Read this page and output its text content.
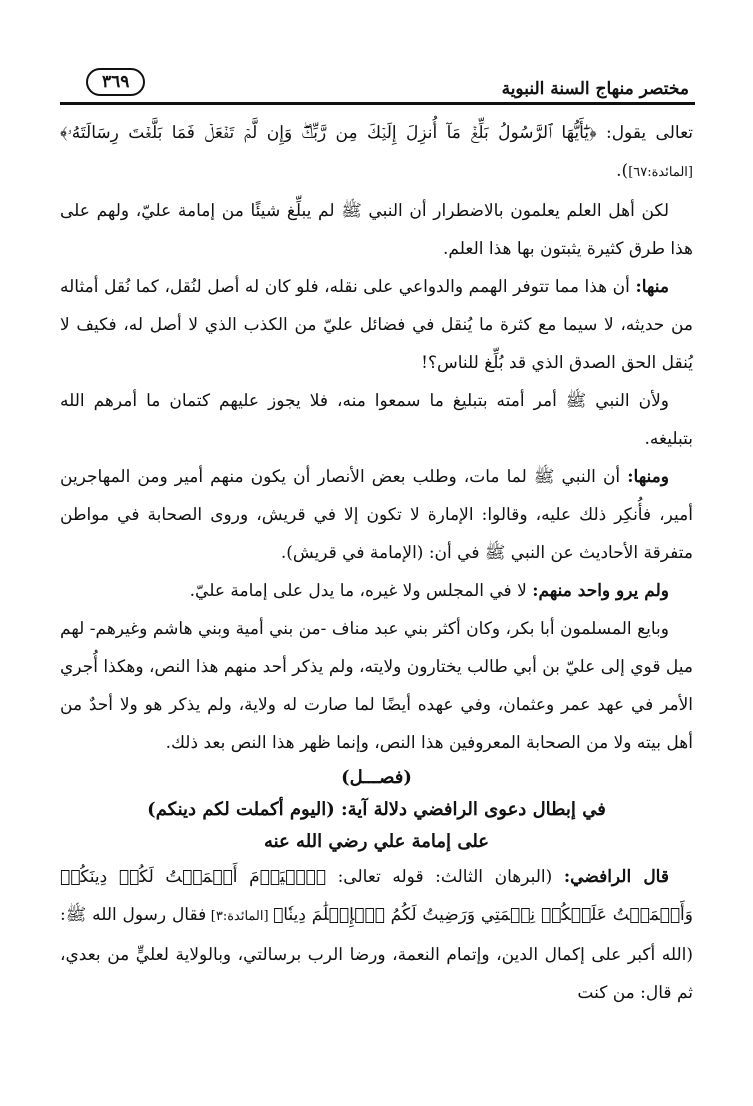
٣٦٩	مختصر منهاج السنة النبوية

تعالى يقول: ﴿يَٰٓأَيُّهَا ٱلرَّسُولُ بَلِّغۡ مَآ أُنزِلَ إِلَيۡكَ مِن رَّبِّكَۖ وَإِن لَّمۡ تَفۡعَلۡ فَمَا بَلَّغۡتَ رِسَالَتَهُۥ﴾ [المائدة:٦٧]).

لكن أهل العلم يعلمون بالاضطرار أن النبي ﷺ لم يبلِّغ شيئًا من إمامة عليّ، ولهم على هذا طرق كثيرة يثبتون بها هذا العلم.

منها: أن هذا مما تتوفر الهمم والدواعي على نقله، فلو كان له أصل لنُقل، كما نُقل أمثاله من حديثه، لا سيما مع كثرة ما يُنقل في فضائل عليّ من الكذب الذي لا أصل له، فكيف لا يُنقل الحق الصدق الذي قد بُلِّغ للناس؟!

ولأن النبي ﷺ أمر أمته بتبليغ ما سمعوا منه، فلا يجوز عليهم كتمان ما أمرهم الله بتبليغه.

ومنها: أن النبي ﷺ لما مات، وطلب بعض الأنصار أن يكون منهم أمير ومن المهاجرين أمير، فأُنكِر ذلك عليه، وقالوا: الإمارة لا تكون إلا في قريش، وروى الصحابة في مواطن متفرقة الأحاديث عن النبي ﷺ في أن: (الإمامة في قريش).

ولم يرو واحد منهم: لا في المجلس ولا غيره، ما يدل على إمامة عليّ.

وبايع المسلمون أبا بكر، وكان أكثر بني عبد مناف -من بني أمية وبني هاشم وغيرهم- لهم ميل قوي إلى عليّ بن أبي طالب يختارون ولايته، ولم يذكر أحد منهم هذا النص، وهكذا أُجري الأمر في عهد عمر وعثمان، وفي عهده أيضًا لما صارت له ولاية، ولم يذكر هو ولا أحدٌ من أهل بيته ولا من الصحابة المعروفين هذا النص، وإنما ظهر هذا النص بعد ذلك.

(فصـــل)

في إبطال دعوى الرافضي دلالة آية: (اليوم أكملت لكم دينكم)

على إمامة علي رضي الله عنه

قال الرافضي: (البرهان الثالث: قوله تعالى: ﴿ٱلۡيَوۡمَ أَكۡمَلۡتُ لَكُمۡ دِينَكُمۡ وَأَتۡمَمۡتُ عَلَيۡكُمۡ نِعۡمَتِي وَرَضِيتُ لَكُمُ ٱلۡإِسۡلَٰمَ دِينٗا﴾ [المائدة:٣] فقال رسول الله ﷺ: (الله أكبر على إكمال الدين، وإتمام النعمة، ورضا الرب برسالتي، وبالولاية لعليٍّ من بعدي، ثم قال: من كنت
